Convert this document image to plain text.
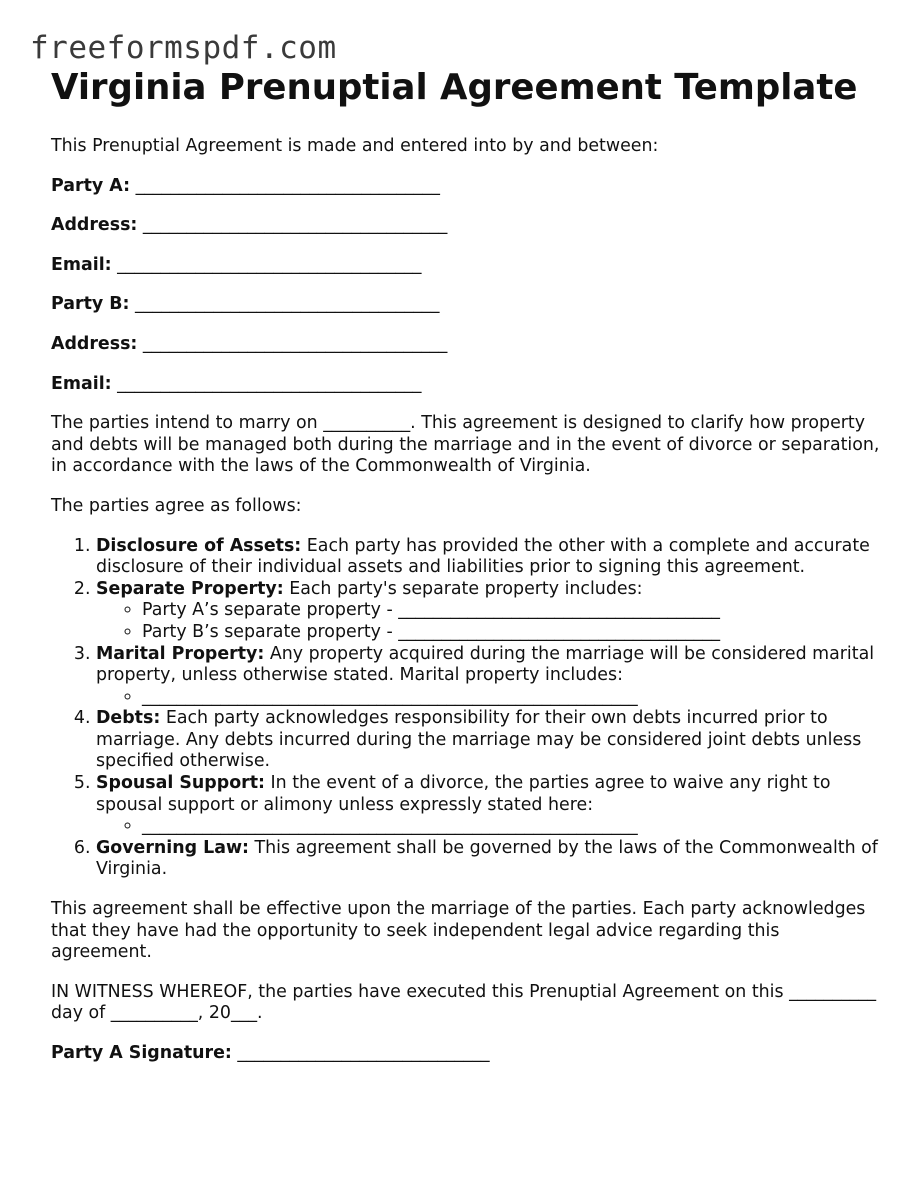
freeformspdf.com
Virginia Prenuptial Agreement Template

This Prenuptial Agreement is made and entered into by and between:

Party A: ___________________________________
Address: ___________________________________
Email: ___________________________________
Party B: ___________________________________
Address: ___________________________________
Email: ___________________________________

The parties intend to marry on __________. This agreement is designed to clarify how property and debts will be managed both during the marriage and in the event of divorce or separation, in accordance with the laws of the Commonwealth of Virginia.

The parties agree as follows:

1. Disclosure of Assets: Each party has provided the other with a complete and accurate disclosure of their individual assets and liabilities prior to signing this agreement.
2. Separate Property: Each party's separate property includes:
◦ Party A’s separate property - _____________________________________
◦ Party B’s separate property - _____________________________________
3. Marital Property: Any property acquired during the marriage will be considered marital property, unless otherwise stated. Marital property includes:
◦ _________________________________________________________
4. Debts: Each party acknowledges responsibility for their own debts incurred prior to marriage. Any debts incurred during the marriage may be considered joint debts unless specified otherwise.
5. Spousal Support: In the event of a divorce, the parties agree to waive any right to spousal support or alimony unless expressly stated here:
◦ _________________________________________________________
6. Governing Law: This agreement shall be governed by the laws of the Commonwealth of Virginia.

This agreement shall be effective upon the marriage of the parties. Each party acknowledges that they have had the opportunity to seek independent legal advice regarding this agreement.

IN WITNESS WHEREOF, the parties have executed this Prenuptial Agreement on this __________ day of __________, 20___.

Party A Signature: _____________________________
